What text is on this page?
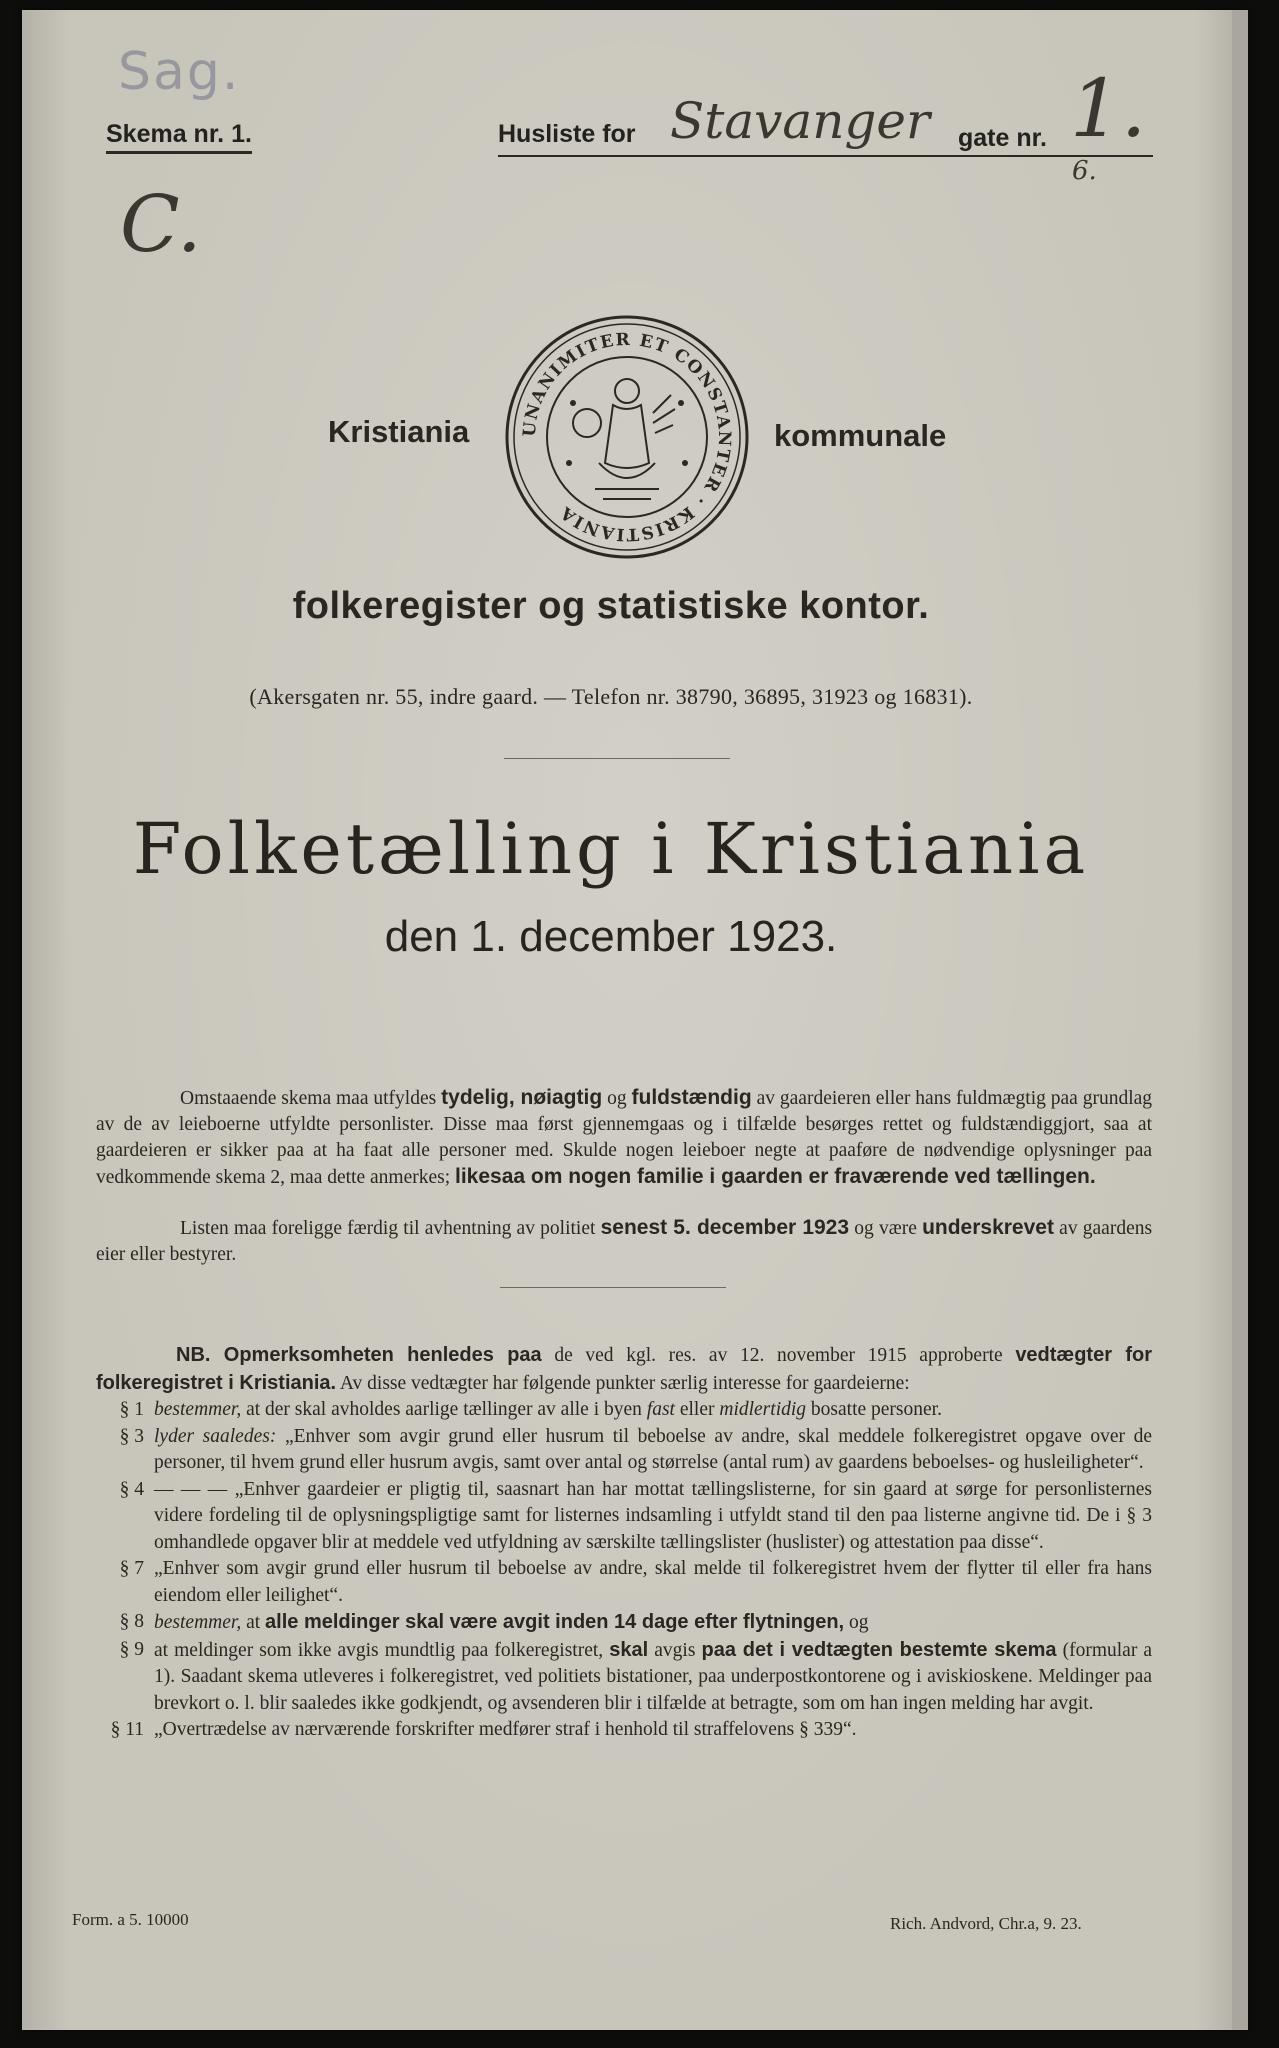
Sag.
Skema nr. 1.	Husliste for	gate nr.
Stavanger 1.
6.
C.
Kristiania	UNANIMITER ET CONSTANTER · KRISTIANIA
kommunale
folkeregister og statistiske kontor.
(Akersgaten nr. 55, indre gaard. — Telefon nr. 38790, 36895, 31923 og 16831).
Folketælling i Kristiania
den 1. december 1923.
Omstaaende skema maa utfyldes tydelig, nøiagtig og fuldstændig av gaardeieren eller hans fuldmægtig paa grundlag av de av leieboerne utfyldte personlister. Disse maa først gjennemgaas og i tilfælde besørges rettet og fuldstændiggjort, saa at gaardeieren er sikker paa at ha faat alle personer med. Skulde nogen leieboer negte at paaføre de nødvendige oplysninger paa vedkommende skema 2, maa dette anmerkes; likesaa om nogen familie i gaarden er fraværende ved tællingen.
Listen maa foreligge færdig til avhentning av politiet senest 5. december 1923 og være underskrevet av gaardens eier eller bestyrer.
NB. Opmerksomheten henledes paa de ved kgl. res. av 12. november 1915 approberte vedtægter for folkeregistret i Kristiania. Av disse vedtægter har følgende punkter særlig interesse for gaardeierne:
§ 1 bestemmer, at der skal avholdes aarlige tællinger av alle i byen fast eller midlertidig bosatte personer.
§ 3 lyder saaledes: „Enhver som avgir grund eller husrum til beboelse av andre, skal meddele folkeregistret opgave over de personer, til hvem grund eller husrum avgis, samt over antal og størrelse (antal rum) av gaardens beboelses- og husleiligheter“.
§ 4 — — — „Enhver gaardeier er pligtig til, saasnart han har mottat tællingslisterne, for sin gaard at sørge for personlisternes videre fordeling til de oplysningspligtige samt for listernes indsamling i utfyldt stand til den paa listerne angivne tid. De i § 3 omhandlede opgaver blir at meddele ved utfyldning av særskilte tællingslister (huslister) og attestation paa disse“.
§ 7 „Enhver som avgir grund eller husrum til beboelse av andre, skal melde til folkeregistret hvem der flytter til eller fra hans eiendom eller leilighet“.
§ 8 bestemmer, at alle meldinger skal være avgit inden 14 dage efter flytningen, og
§ 9 at meldinger som ikke avgis mundtlig paa folkeregistret, skal avgis paa det i vedtægten bestemte skema (formular a 1). Saadant skema utleveres i folkeregistret, ved politiets bistationer, paa underpostkontorene og i aviskioskene. Meldinger paa brevkort o. l. blir saaledes ikke godkjendt, og avsenderen blir i tilfælde at betragte, som om han ingen melding har avgit.
§ 11 „Overtrædelse av nærværende forskrifter medfører straf i henhold til straffelovens § 339“.
Form. a 5. 10000	Rich. Andvord, Chr.a, 9. 23.
